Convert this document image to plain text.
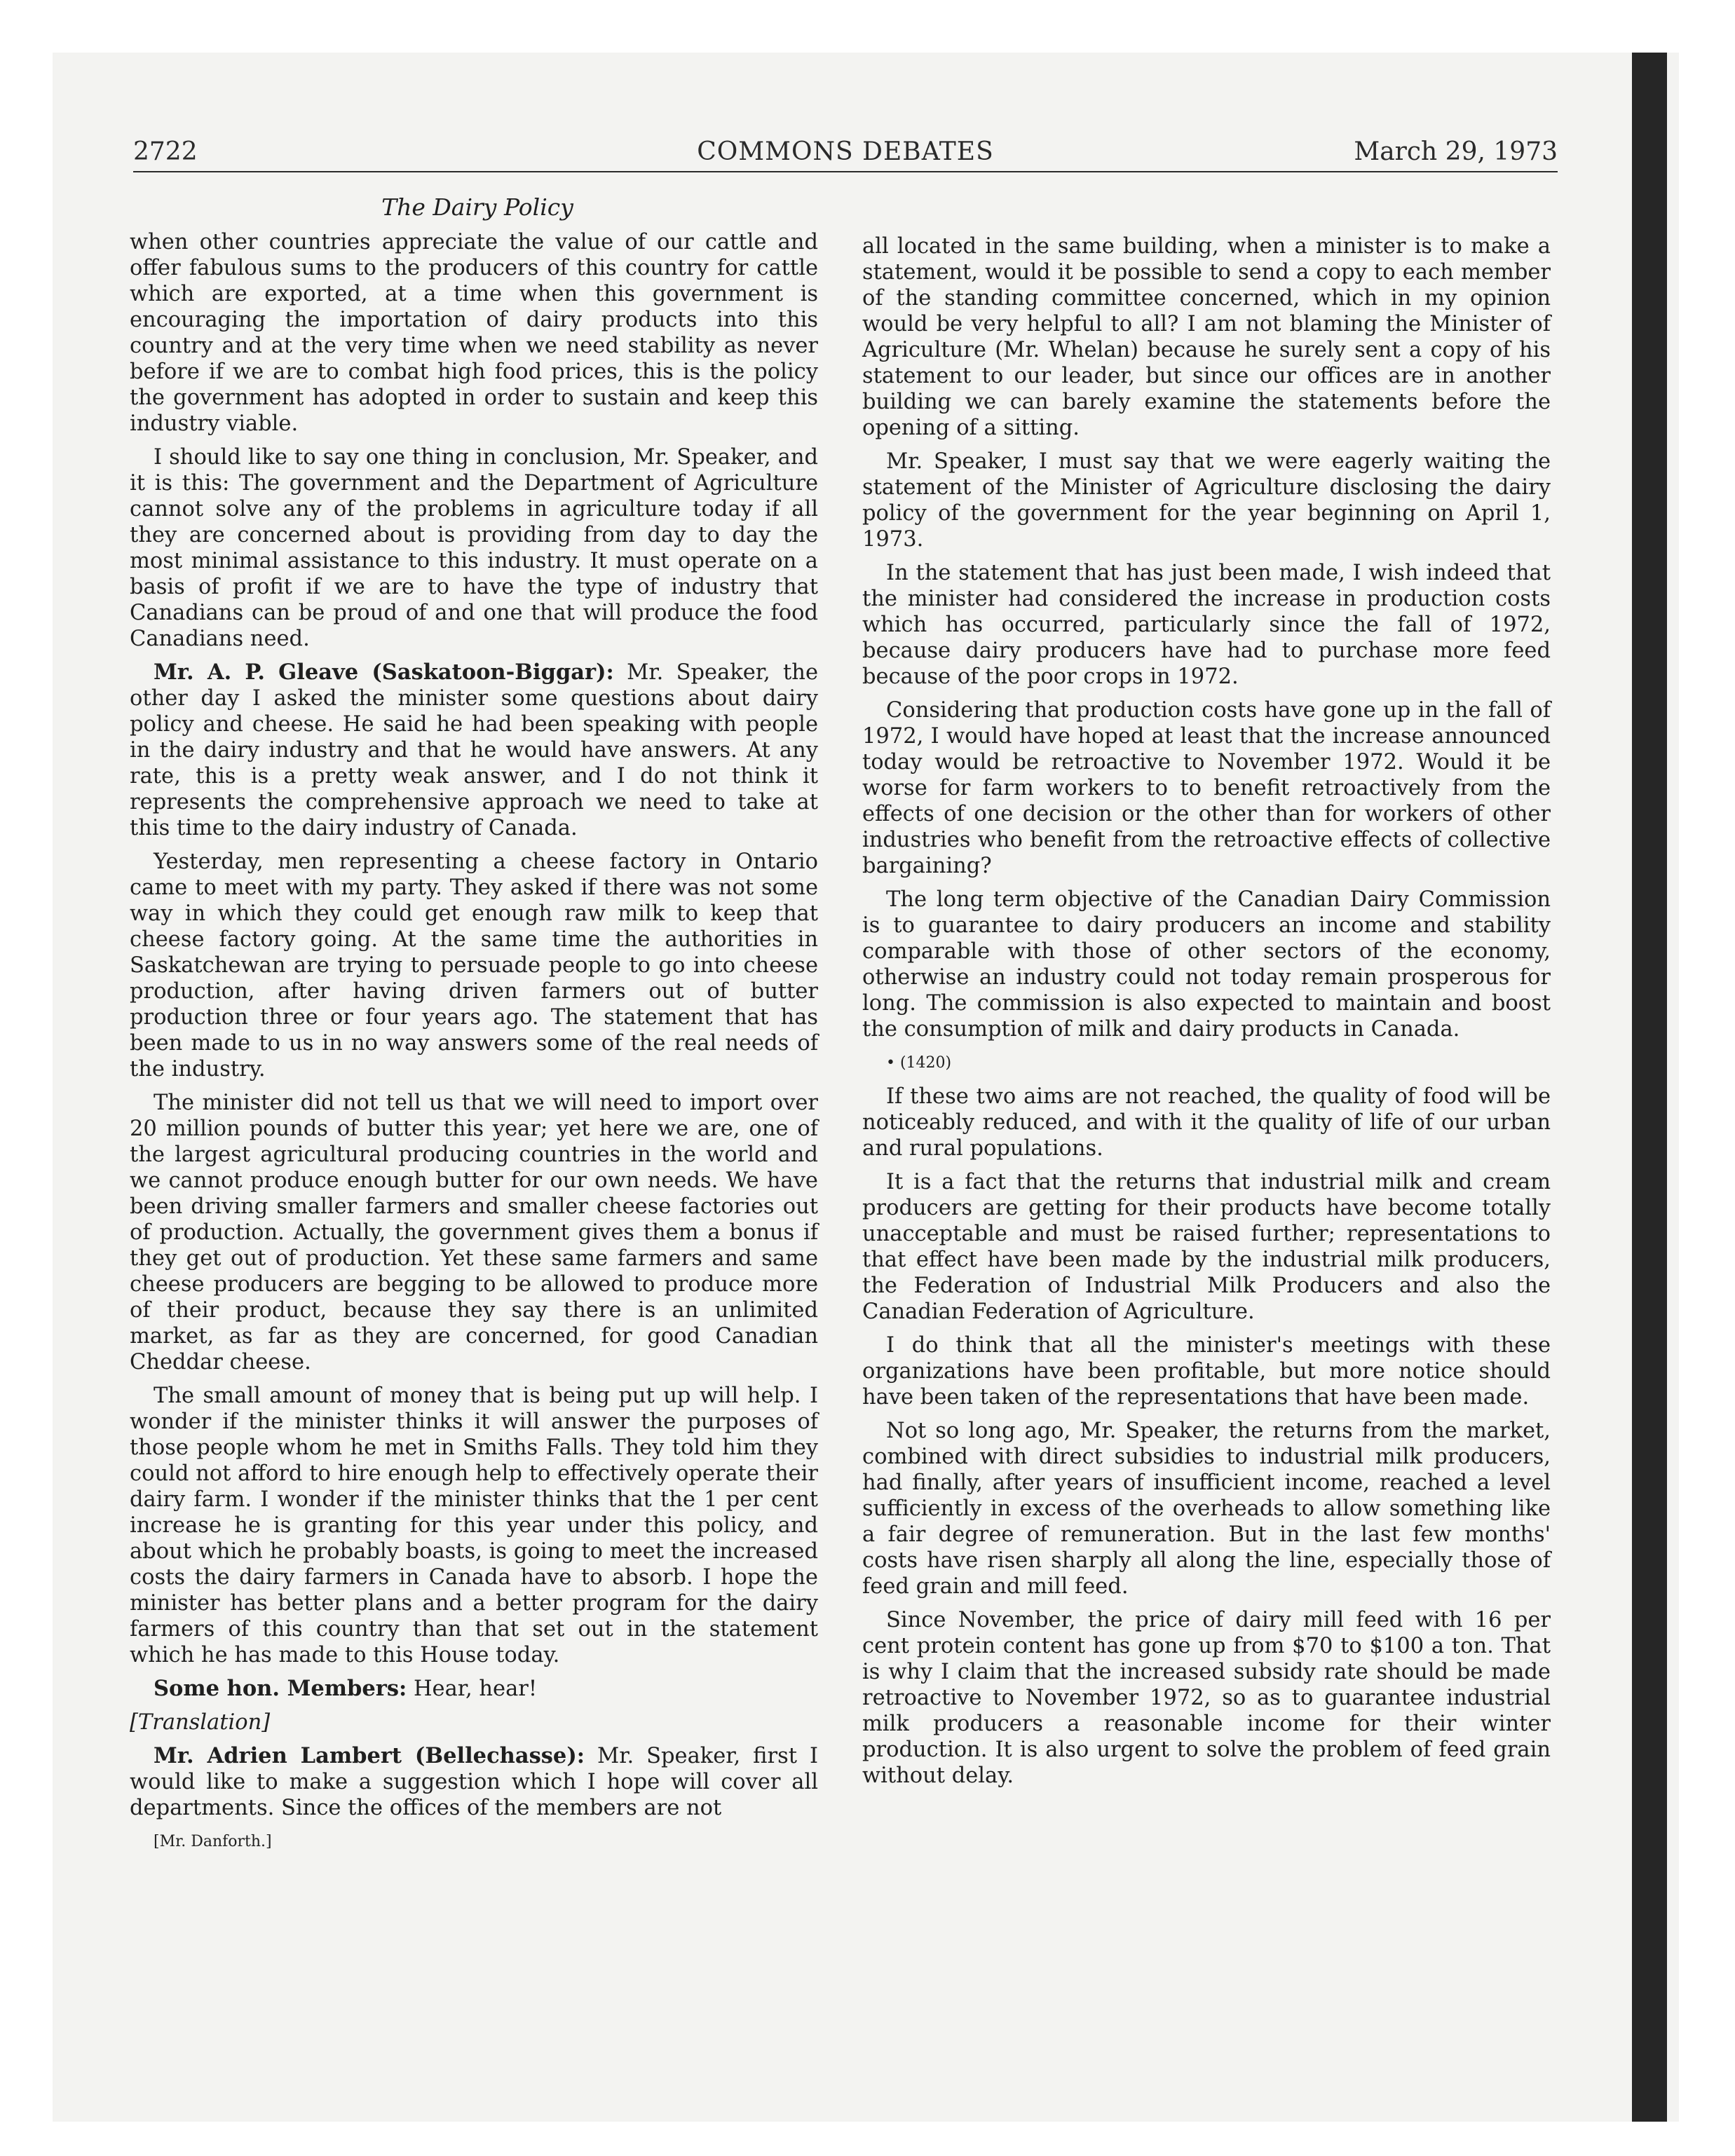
2722	COMMONS DEBATES	March 29, 1973
The Dairy Policy

when other countries appreciate the value of our cattle and offer fabulous sums to the producers of this country for cattle which are exported, at a time when this government is encouraging the importation of dairy products into this country and at the very time when we need stability as never before if we are to combat high food prices, this is the policy the government has adopted in order to sustain and keep this industry viable.

I should like to say one thing in conclusion, Mr. Speaker, and it is this: The government and the Department of Agriculture cannot solve any of the problems in agriculture today if all they are concerned about is providing from day to day the most minimal assistance to this industry. It must operate on a basis of profit if we are to have the type of industry that Canadians can be proud of and one that will produce the food Canadians need.

Mr. A. P. Gleave (Saskatoon-Biggar): Mr. Speaker, the other day I asked the minister some questions about dairy policy and cheese. He said he had been speaking with people in the dairy industry and that he would have answers. At any rate, this is a pretty weak answer, and I do not think it represents the comprehensive approach we need to take at this time to the dairy industry of Canada.

Yesterday, men representing a cheese factory in Ontario came to meet with my party. They asked if there was not some way in which they could get enough raw milk to keep that cheese factory going. At the same time the authorities in Saskatchewan are trying to persuade people to go into cheese production, after having driven farmers out of butter production three or four years ago. The statement that has been made to us in no way answers some of the real needs of the industry.

The minister did not tell us that we will need to import over 20 million pounds of butter this year; yet here we are, one of the largest agricultural producing countries in the world and we cannot produce enough butter for our own needs. We have been driving smaller farmers and smaller cheese factories out of production. Actually, the government gives them a bonus if they get out of production. Yet these same farmers and same cheese producers are begging to be allowed to produce more of their product, because they say there is an unlimited market, as far as they are concerned, for good Canadian Cheddar cheese.

The small amount of money that is being put up will help. I wonder if the minister thinks it will answer the purposes of those people whom he met in Smiths Falls. They told him they could not afford to hire enough help to effectively operate their dairy farm. I wonder if the minister thinks that the 1 per cent increase he is granting for this year under this policy, and about which he probably boasts, is going to meet the increased costs the dairy farmers in Canada have to absorb. I hope the minister has better plans and a better program for the dairy farmers of this country than that set out in the statement which he has made to this House today.

Some hon. Members: Hear, hear!

[Translation]

Mr. Adrien Lambert (Bellechasse): Mr. Speaker, first I would like to make a suggestion which I hope will cover all departments. Since the offices of the members are not

[Mr. Danforth.]

all located in the same building, when a minister is to make a statement, would it be possible to send a copy to each member of the standing committee concerned, which in my opinion would be very helpful to all? I am not blaming the Minister of Agriculture (Mr. Whelan) because he surely sent a copy of his statement to our leader, but since our offices are in another building we can barely examine the statements before the opening of a sitting.

Mr. Speaker, I must say that we were eagerly waiting the statement of the Minister of Agriculture disclosing the dairy policy of the government for the year beginning on April 1, 1973.

In the statement that has just been made, I wish indeed that the minister had considered the increase in production costs which has occurred, particularly since the fall of 1972, because dairy producers have had to purchase more feed because of the poor crops in 1972.

Considering that production costs have gone up in the fall of 1972, I would have hoped at least that the increase announced today would be retroactive to November 1972. Would it be worse for farm workers to to benefit retroactively from the effects of one decision or the other than for workers of other industries who benefit from the retroactive effects of collective bargaining?

The long term objective of the Canadian Dairy Commission is to guarantee to dairy producers an income and stability comparable with those of other sectors of the economy, otherwise an industry could not today remain prosperous for long. The commission is also expected to maintain and boost the consumption of milk and dairy products in Canada.

• (1420)

If these two aims are not reached, the quality of food will be noticeably reduced, and with it the quality of life of our urban and rural populations.

It is a fact that the returns that industrial milk and cream producers are getting for their products have become totally unacceptable and must be raised further; representations to that effect have been made by the industrial milk producers, the Federation of Industrial Milk Producers and also the Canadian Federation of Agriculture.

I do think that all the minister's meetings with these organizations have been profitable, but more notice should have been taken of the representations that have been made.

Not so long ago, Mr. Speaker, the returns from the market, combined with direct subsidies to industrial milk producers, had finally, after years of insufficient income, reached a level sufficiently in excess of the overheads to allow something like a fair degree of remuneration. But in the last few months' costs have risen sharply all along the line, especially those of feed grain and mill feed.

Since November, the price of dairy mill feed with 16 per cent protein content has gone up from $70 to $100 a ton. That is why I claim that the increased subsidy rate should be made retroactive to November 1972, so as to guarantee industrial milk producers a reasonable income for their winter production. It is also urgent to solve the problem of feed grain without delay.
